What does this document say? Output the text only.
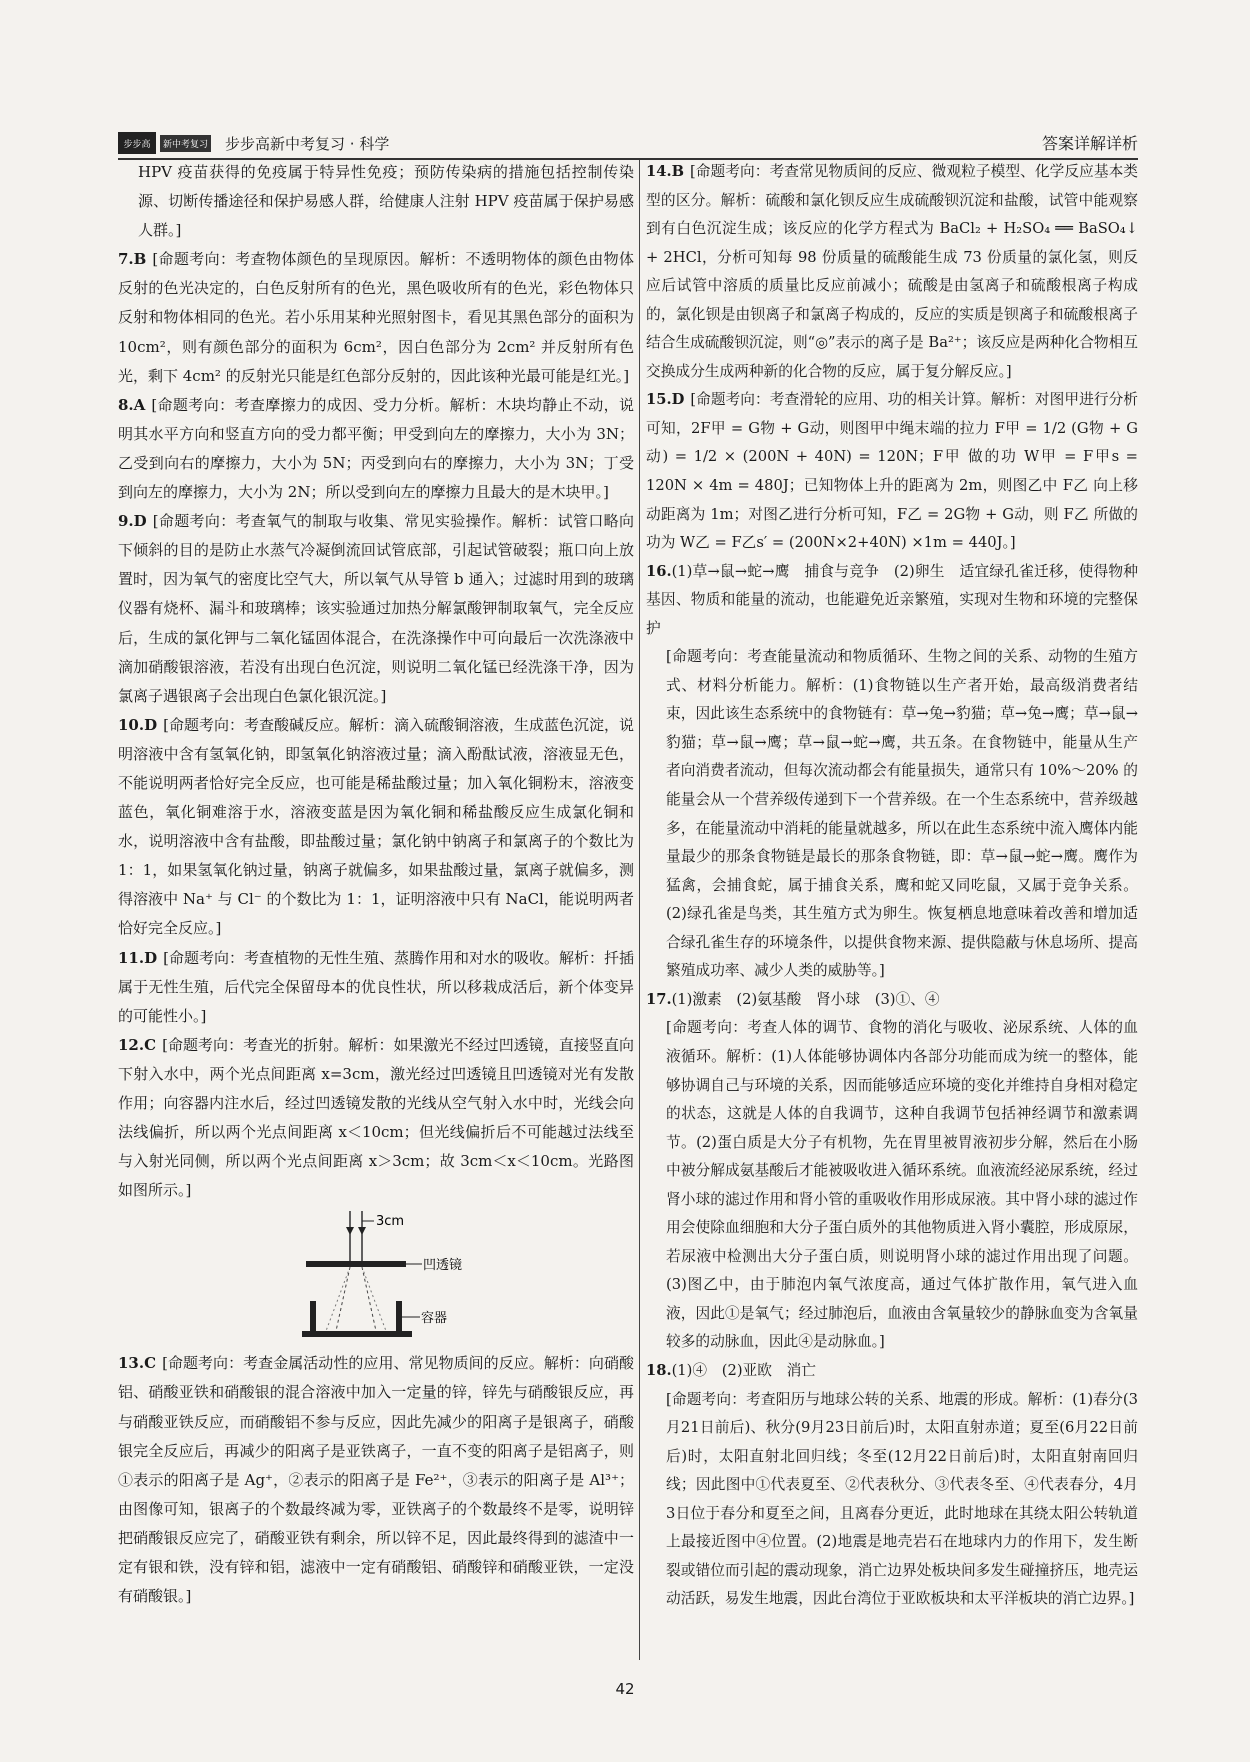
步步高	新中考复习 步步高新中考复习 · 科学	答案详解详析

HPV 疫苗获得的免疫属于特异性免疫；预防传染病的措施包括控制传染源、切断传播途径和保护易感人群，给健康人注射 HPV 疫苗属于保护易感人群。]

7.B [命题考向：考查物体颜色的呈现原因。解析：不透明物体的颜色由物体反射的色光决定的，白色反射所有的色光，黑色吸收所有的色光，彩色物体只反射和物体相同的色光。若小乐用某种光照射图卡，看见其黑色部分的面积为 10cm²，则有颜色部分的面积为 6cm²，因白色部分为 2cm² 并反射所有色光，剩下 4cm² 的反射光只能是红色部分反射的，因此该种光最可能是红光。]

8.A [命题考向：考查摩擦力的成因、受力分析。解析：木块均静止不动，说明其水平方向和竖直方向的受力都平衡；甲受到向左的摩擦力，大小为 3N；乙受到向右的摩擦力，大小为 5N；丙受到向右的摩擦力，大小为 3N；丁受到向左的摩擦力，大小为 2N；所以受到向左的摩擦力且最大的是木块甲。]

9.D [命题考向：考查氧气的制取与收集、常见实验操作。解析：试管口略向下倾斜的目的是防止水蒸气冷凝倒流回试管底部，引起试管破裂；瓶口向上放置时，因为氧气的密度比空气大，所以氧气从导管 b 通入；过滤时用到的玻璃仪器有烧杯、漏斗和玻璃棒；该实验通过加热分解氯酸钾制取氧气，完全反应后，生成的氯化钾与二氧化锰固体混合，在洗涤操作中可向最后一次洗涤液中滴加硝酸银溶液，若没有出现白色沉淀，则说明二氧化锰已经洗涤干净，因为氯离子遇银离子会出现白色氯化银沉淀。]

10.D [命题考向：考查酸碱反应。解析：滴入硫酸铜溶液，生成蓝色沉淀，说明溶液中含有氢氧化钠，即氢氧化钠溶液过量；滴入酚酞试液，溶液显无色，不能说明两者恰好完全反应，也可能是稀盐酸过量；加入氧化铜粉末，溶液变蓝色，氧化铜难溶于水，溶液变蓝是因为氧化铜和稀盐酸反应生成氯化铜和水，说明溶液中含有盐酸，即盐酸过量；氯化钠中钠离子和氯离子的个数比为 1：1，如果氢氧化钠过量，钠离子就偏多，如果盐酸过量，氯离子就偏多，测得溶液中 Na⁺ 与 Cl⁻ 的个数比为 1：1，证明溶液中只有 NaCl，能说明两者恰好完全反应。]

11.D [命题考向：考查植物的无性生殖、蒸腾作用和对水的吸收。解析：扦插属于无性生殖，后代完全保留母本的优良性状，所以移栽成活后，新个体变异的可能性小。]

12.C [命题考向：考查光的折射。解析：如果激光不经过凹透镜，直接竖直向下射入水中，两个光点间距离 x=3cm，激光经过凹透镜且凹透镜对光有发散作用；向容器内注水后，经过凹透镜发散的光线从空气射入水中时，光线会向法线偏折，所以两个光点间距离 x＜10cm；但光线偏折后不可能越过法线至与入射光同侧，所以两个光点间距离 x＞3cm；故 3cm＜x＜10cm。光路图如图所示。]

3cm
凹透镜
容器

13.C [命题考向：考查金属活动性的应用、常见物质间的反应。解析：向硝酸铝、硝酸亚铁和硝酸银的混合溶液中加入一定量的锌，锌先与硝酸银反应，再与硝酸亚铁反应，而硝酸铝不参与反应，因此先减少的阳离子是银离子，硝酸银完全反应后，再减少的阳离子是亚铁离子，一直不变的阳离子是铝离子，则①表示的阳离子是 Ag⁺，②表示的阳离子是 Fe²⁺，③表示的阳离子是 Al³⁺；由图像可知，银离子的个数最终减为零，亚铁离子的个数最终不是零，说明锌把硝酸银反应完了，硝酸亚铁有剩余，所以锌不足，因此最终得到的滤渣中一定有银和铁，没有锌和铝，滤液中一定有硝酸铝、硝酸锌和硝酸亚铁，一定没有硝酸银。]

14.B [命题考向：考查常见物质间的反应、微观粒子模型、化学反应基本类型的区分。解析：硫酸和氯化钡反应生成硫酸钡沉淀和盐酸，试管中能观察到有白色沉淀生成；该反应的化学方程式为 BaCl₂ + H₂SO₄ ══ BaSO₄↓ + 2HCl，分析可知每 98 份质量的硫酸能生成 73 份质量的氯化氢，则反应后试管中溶质的质量比反应前减小；硫酸是由氢离子和硫酸根离子构成的，氯化钡是由钡离子和氯离子构成的，反应的实质是钡离子和硫酸根离子结合生成硫酸钡沉淀，则“◎”表示的离子是 Ba²⁺；该反应是两种化合物相互交换成分生成两种新的化合物的反应，属于复分解反应。]

15.D [命题考向：考查滑轮的应用、功的相关计算。解析：对图甲进行分析可知，2F甲 = G物 + G动，则图甲中绳末端的拉力 F甲 = 1/2 (G物 + G动) = 1/2 × (200N + 40N) = 120N；F甲 做的功 W甲 = F甲s = 120N × 4m = 480J；已知物体上升的距离为 2m，则图乙中 F乙 向上移动距离为 1m；对图乙进行分析可知，F乙 = 2G物 + G动，则 F乙 所做的功为 W乙 = F乙s′ = (200N×2+40N) ×1m = 440J。]

16.(1)草→鼠→蛇→鹰　捕食与竞争　(2)卵生　适宜绿孔雀迁移，使得物种基因、物质和能量的流动，也能避免近亲繁殖，实现对生物和环境的完整保护

[命题考向：考查能量流动和物质循环、生物之间的关系、动物的生殖方式、材料分析能力。解析：(1)食物链以生产者开始，最高级消费者结束，因此该生态系统中的食物链有：草→兔→豹猫；草→兔→鹰；草→鼠→豹猫；草→鼠→鹰；草→鼠→蛇→鹰，共五条。在食物链中，能量从生产者向消费者流动，但每次流动都会有能量损失，通常只有 10%～20% 的能量会从一个营养级传递到下一个营养级。在一个生态系统中，营养级越多，在能量流动中消耗的能量就越多，所以在此生态系统中流入鹰体内能量最少的那条食物链是最长的那条食物链，即：草→鼠→蛇→鹰。鹰作为猛禽，会捕食蛇，属于捕食关系，鹰和蛇又同吃鼠，又属于竞争关系。(2)绿孔雀是鸟类，其生殖方式为卵生。恢复栖息地意味着改善和增加适合绿孔雀生存的环境条件，以提供食物来源、提供隐蔽与休息场所、提高繁殖成功率、减少人类的威胁等。]

17.(1)激素　(2)氨基酸　肾小球　(3)①、④

[命题考向：考查人体的调节、食物的消化与吸收、泌尿系统、人体的血液循环。解析：(1)人体能够协调体内各部分功能而成为统一的整体，能够协调自己与环境的关系，因而能够适应环境的变化并维持自身相对稳定的状态，这就是人体的自我调节，这种自我调节包括神经调节和激素调节。(2)蛋白质是大分子有机物，先在胃里被胃液初步分解，然后在小肠中被分解成氨基酸后才能被吸收进入循环系统。血液流经泌尿系统，经过肾小球的滤过作用和肾小管的重吸收作用形成尿液。其中肾小球的滤过作用会使除血细胞和大分子蛋白质外的其他物质进入肾小囊腔，形成原尿，若尿液中检测出大分子蛋白质，则说明肾小球的滤过作用出现了问题。(3)图乙中，由于肺泡内氧气浓度高，通过气体扩散作用，氧气进入血液，因此①是氧气；经过肺泡后，血液由含氧量较少的静脉血变为含氧量较多的动脉血，因此④是动脉血。]

18.(1)④　(2)亚欧　消亡

[命题考向：考查阳历与地球公转的关系、地震的形成。解析：(1)春分(3月21日前后)、秋分(9月23日前后)时，太阳直射赤道；夏至(6月22日前后)时，太阳直射北回归线；冬至(12月22日前后)时，太阳直射南回归线；因此图中①代表夏至、②代表秋分、③代表冬至、④代表春分，4月3日位于春分和夏至之间，且离春分更近，此时地球在其绕太阳公转轨道上最接近图中④位置。(2)地震是地壳岩石在地球内力的作用下，发生断裂或错位而引起的震动现象，消亡边界处板块间多发生碰撞挤压，地壳运动活跃，易发生地震，因此台湾位于亚欧板块和太平洋板块的消亡边界。]

42
